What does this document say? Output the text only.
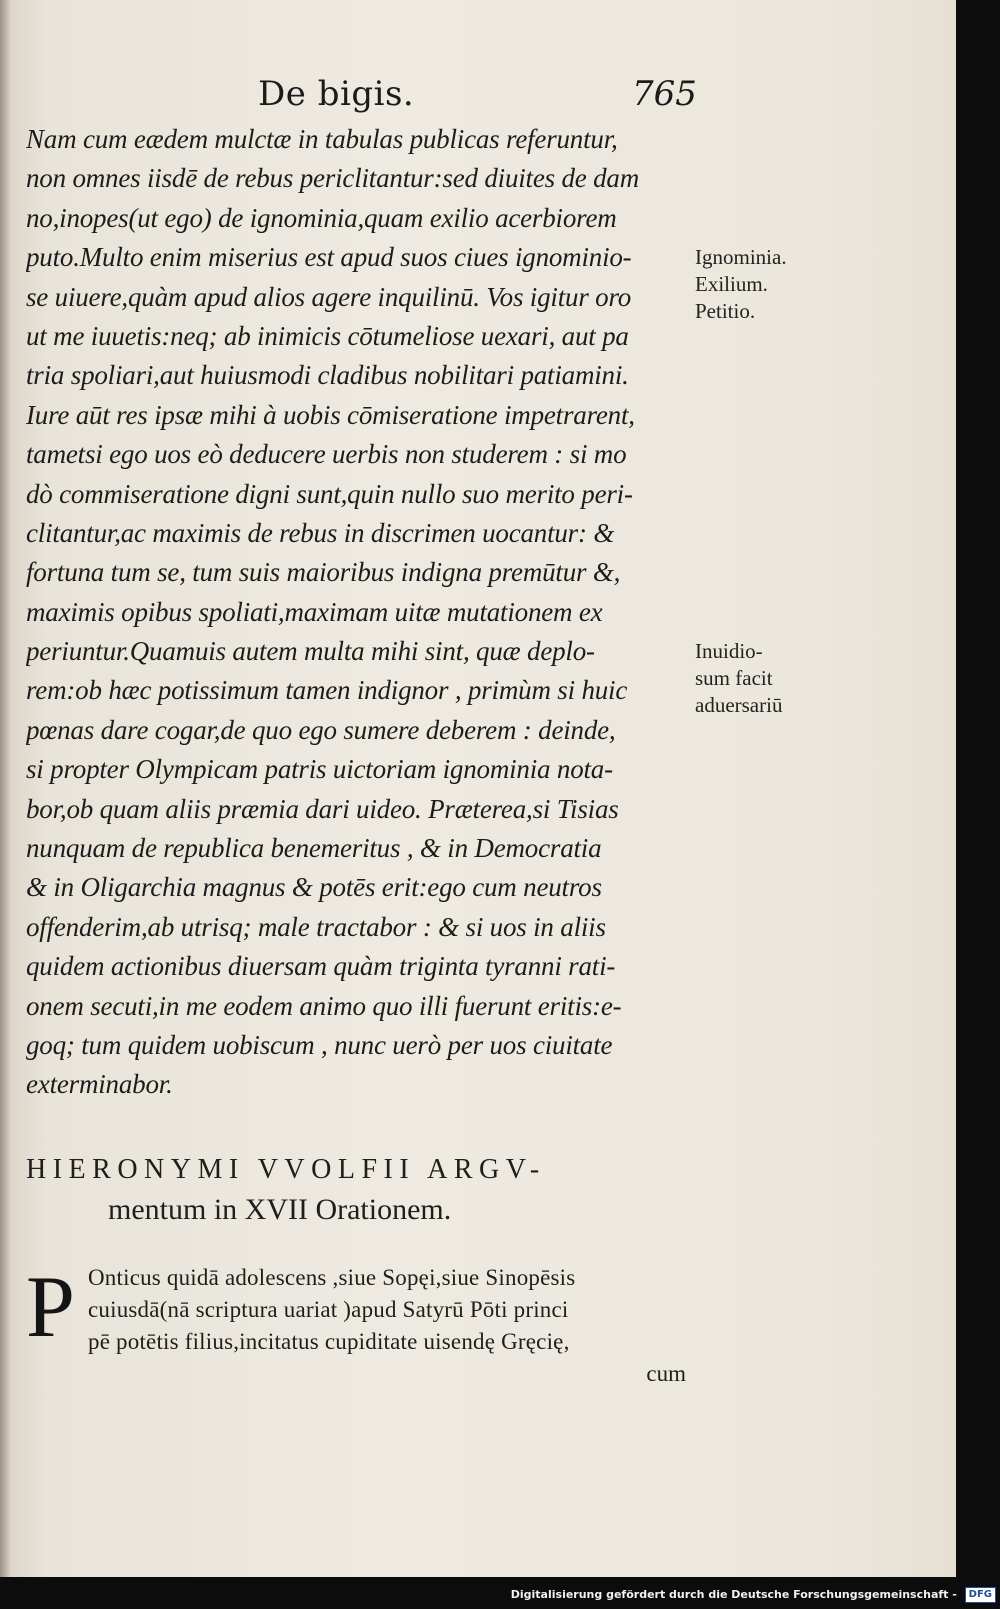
De bigis.	765
Nam cum eædem mulctæ in tabulas publicas referuntur,
non omnes iisdē de rebus periclitantur:sed diuites de dam
no,inopes(ut ego) de ignominia,quam exilio acerbiorem
puto.Multo enim miserius est apud suos ciues ignominio-
se uiuere,quàm apud alios agere inquilinū. Vos igitur oro
ut me iuuetis:neq; ab inimicis cōtumeliose uexari, aut pa
tria spoliari,aut huiusmodi cladibus nobilitari patiamini.
Iure aūt res ipsæ mihi à uobis cōmiseratione impetrarent,
tametsi ego uos eò deducere uerbis non studerem : si mo
dò commiseratione digni sunt,quin nullo suo merito peri-
clitantur,ac maximis de rebus in discrimen uocantur: &
fortuna tum se, tum suis maioribus indigna premūtur &,
maximis opibus spoliati,maximam uitæ mutationem ex
periuntur.Quamuis autem multa mihi sint, quæ deplo-
rem:ob hæc potissimum tamen indignor , primùm si huic
pœnas dare cogar,de quo ego sumere deberem : deinde,
si propter Olympicam patris uictoriam ignominia nota-
bor,ob quam aliis præmia dari uideo. Præterea,si Tisias
nunquam de republica benemeritus , & in Democratia
& in Oligarchia magnus & potēs erit:ego cum neutros
offenderim,ab utrisq; male tractabor : & si uos in aliis
quidem actionibus diuersam quàm triginta tyranni rati-
onem secuti,in me eodem animo quo illi fuerunt eritis:e-
goq; tum quidem uobiscum , nunc uerò per uos ciuitate
exterminabor.
Ignominia.
Exilium.
Petitio.
Inuidio-
sum facit
aduersariū
HIERONYMI VVOLFII ARGV-
mentum in XVII Orationem.
P Onticus quidā adolescens ,siue Sopęi,siue Sinopēsis
cuiusdā(nā scriptura uariat )apud Satyrū Pōti princi
pē potētis filius,incitatus cupiditate uisendę Gręcię,
cum
Digitalisierung gefördert durch die Deutsche Forschungsgemeinschaft - DFG
